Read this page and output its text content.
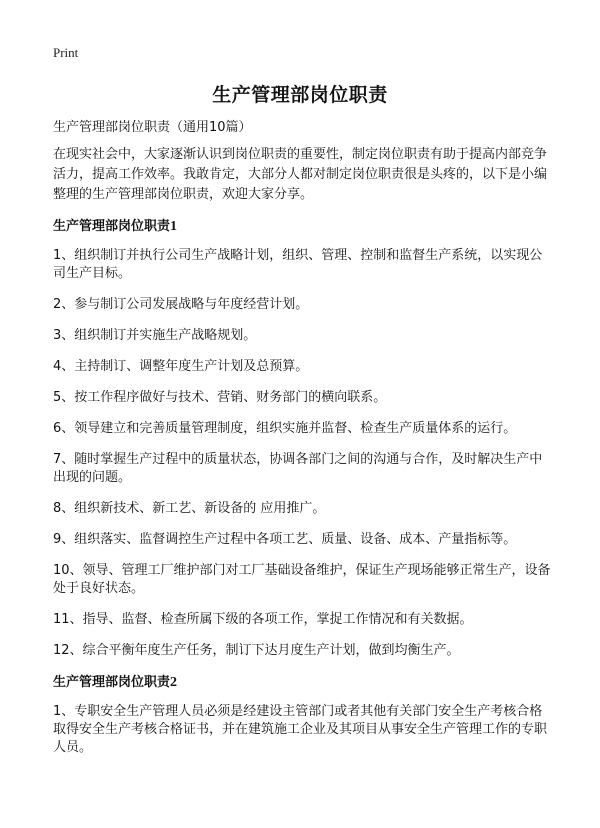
Print
生产管理部岗位职责

生产管理部岗位职责（通用10篇）

在现实社会中，大家逐渐认识到岗位职责的重要性，制定岗位职责有助于提高内部竞争活力，提高工作效率。我敢肯定，大部分人都对制定岗位职责很是头疼的，以下是小编整理的生产管理部岗位职责，欢迎大家分享。

生产管理部岗位职责1

1、组织制订并执行公司生产战略计划，组织、管理、控制和监督生产系统，以实现公司生产目标。

2、参与制订公司发展战略与年度经营计划。

3、组织制订并实施生产战略规划。

4、主持制订、调整年度生产计划及总预算。

5、按工作程序做好与技术、营销、财务部门的横向联系。

6、领导建立和完善质量管理制度，组织实施并监督、检查生产质量体系的运行。

7、随时掌握生产过程中的质量状态，协调各部门之间的沟通与合作，及时解决生产中出现的问题。

8、组织新技术、新工艺、新设备的 应用推广。

9、组织落实、监督调控生产过程中各项工艺、质量、设备、成本、产量指标等。

10、领导、管理工厂维护部门对工厂基础设备维护，保证生产现场能够正常生产，设备处于良好状态。

11、指导、监督、检查所属下级的各项工作，掌捉工作情况和有关数据。

12、综合平衡年度生产任务，制订下达月度生产计划，做到均衡生产。

生产管理部岗位职责2

1、专职安全生产管理人员必须是经建设主管部门或者其他有关部门安全生产考核合格取得安全生产考核合格证书，并在建筑施工企业及其项目从事安全生产管理工作的专职人员。
